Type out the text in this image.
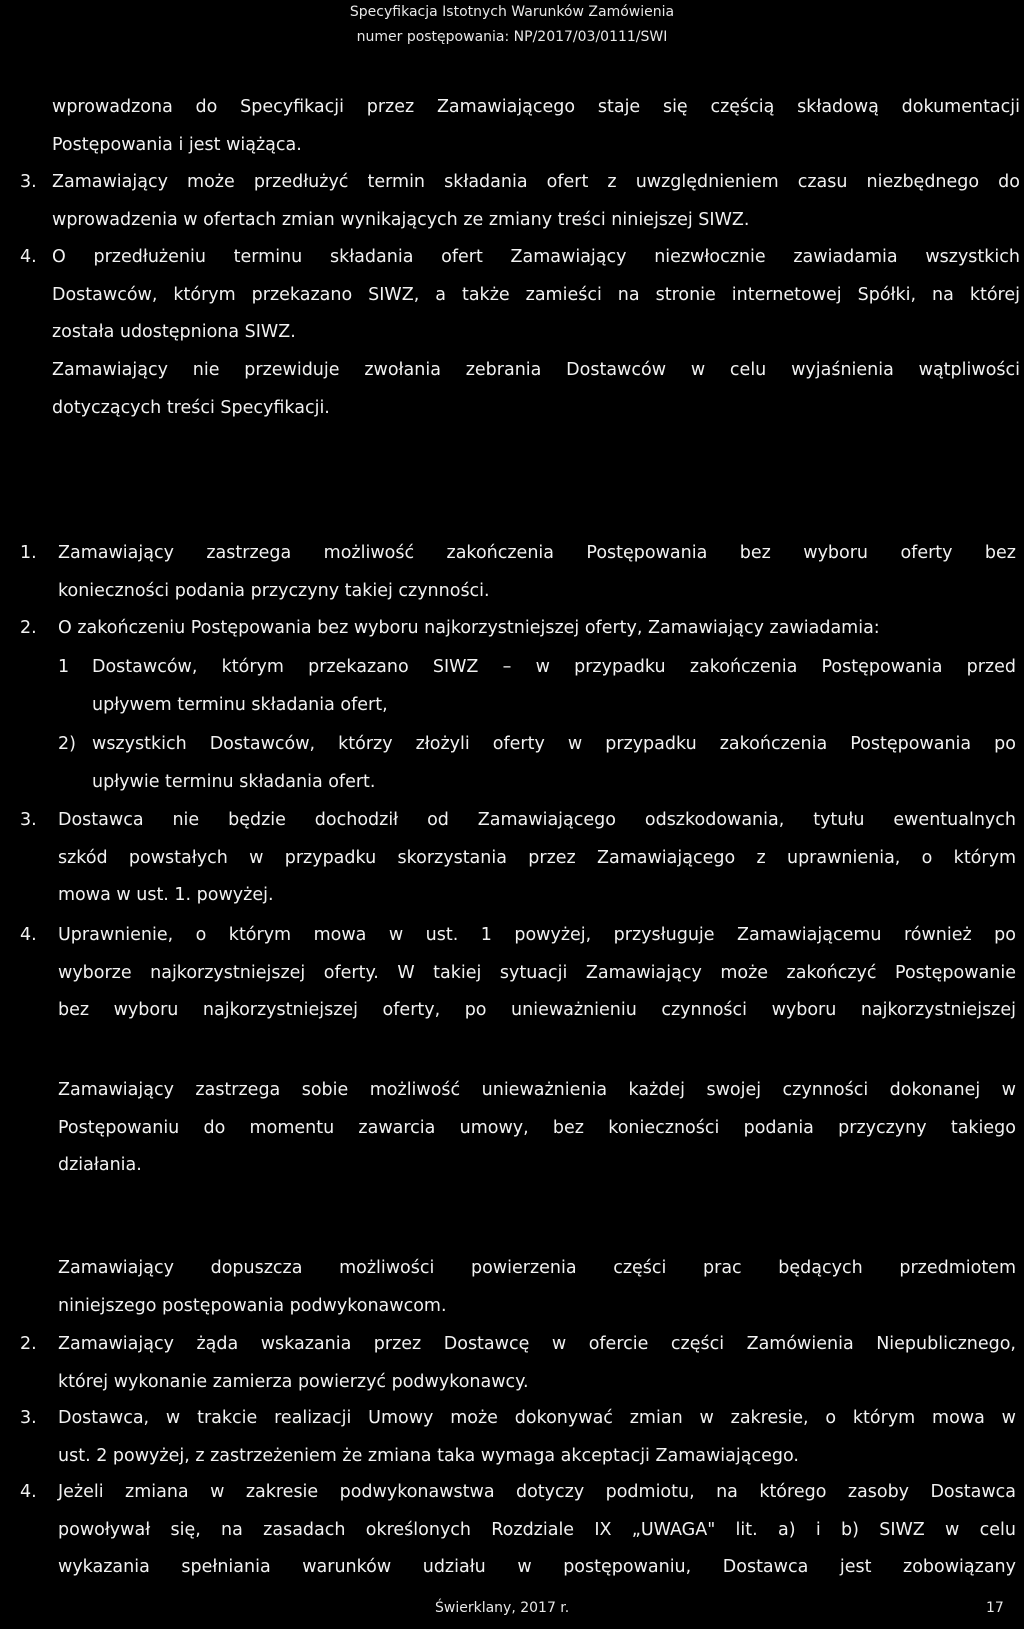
Specyfikacja Istotnych Warunków Zamówienia
numer postępowania: NP/2017/03/0111/SWI
wprowadzona do Specyfikacji przez Zamawiającego staje się częścią składową dokumentacji
Postępowania i jest wiążąca.
3. Zamawiający może przedłużyć termin składania ofert z uwzględnieniem czasu niezbędnego do
wprowadzenia w ofertach zmian wynikających ze zmiany treści niniejszej SIWZ.
4. O przedłużeniu terminu składania ofert Zamawiający niezwłocznie zawiadamia wszystkich
Dostawców, którym przekazano SIWZ, a także zamieści na stronie internetowej Spółki, na której
została udostępniona SIWZ.
Zamawiający nie przewiduje zwołania zebrania Dostawców w celu wyjaśnienia wątpliwości
dotyczących treści Specyfikacji.
1. Zamawiający zastrzega możliwość zakończenia Postępowania bez wyboru oferty bez
konieczności podania przyczyny takiej czynności.
2. O zakończeniu Postępowania bez wyboru najkorzystniejszej oferty, Zamawiający zawiadamia:
1 Dostawców, którym przekazano SIWZ – w przypadku zakończenia Postępowania przed
upływem terminu składania ofert,
2) wszystkich Dostawców, którzy złożyli oferty w przypadku zakończenia Postępowania po
upływie terminu składania ofert.
3. Dostawca nie będzie dochodził od Zamawiającego odszkodowania, tytułu ewentualnych
szkód powstałych w przypadku skorzystania przez Zamawiającego z uprawnienia, o którym
mowa w ust. 1. powyżej.
4. Uprawnienie, o którym mowa w ust. 1 powyżej, przysługuje Zamawiającemu również po
wyborze najkorzystniejszej oferty. W takiej sytuacji Zamawiający może zakończyć Postępowanie
bez wyboru najkorzystniejszej oferty, po unieważnieniu czynności wyboru najkorzystniejszej
Zamawiający zastrzega sobie możliwość unieważnienia każdej swojej czynności dokonanej w
Postępowaniu do momentu zawarcia umowy, bez konieczności podania przyczyny takiego
działania.
Zamawiający dopuszcza możliwości powierzenia części prac będących przedmiotem
niniejszego postępowania podwykonawcom.
2. Zamawiający żąda wskazania przez Dostawcę w ofercie części Zamówienia Niepublicznego,
której wykonanie zamierza powierzyć podwykonawcy.
3. Dostawca, w trakcie realizacji Umowy może dokonywać zmian w zakresie, o którym mowa w
ust. 2 powyżej, z zastrzeżeniem że zmiana taka wymaga akceptacji Zamawiającego.
4. Jeżeli zmiana w zakresie podwykonawstwa dotyczy podmiotu, na którego zasoby Dostawca
powoływał się, na zasadach określonych Rozdziale IX „UWAGA" lit. a) i b) SIWZ w celu
wykazania spełniania warunków udziału w postępowaniu, Dostawca jest zobowiązany
Świerklany, 2017 r.	17
